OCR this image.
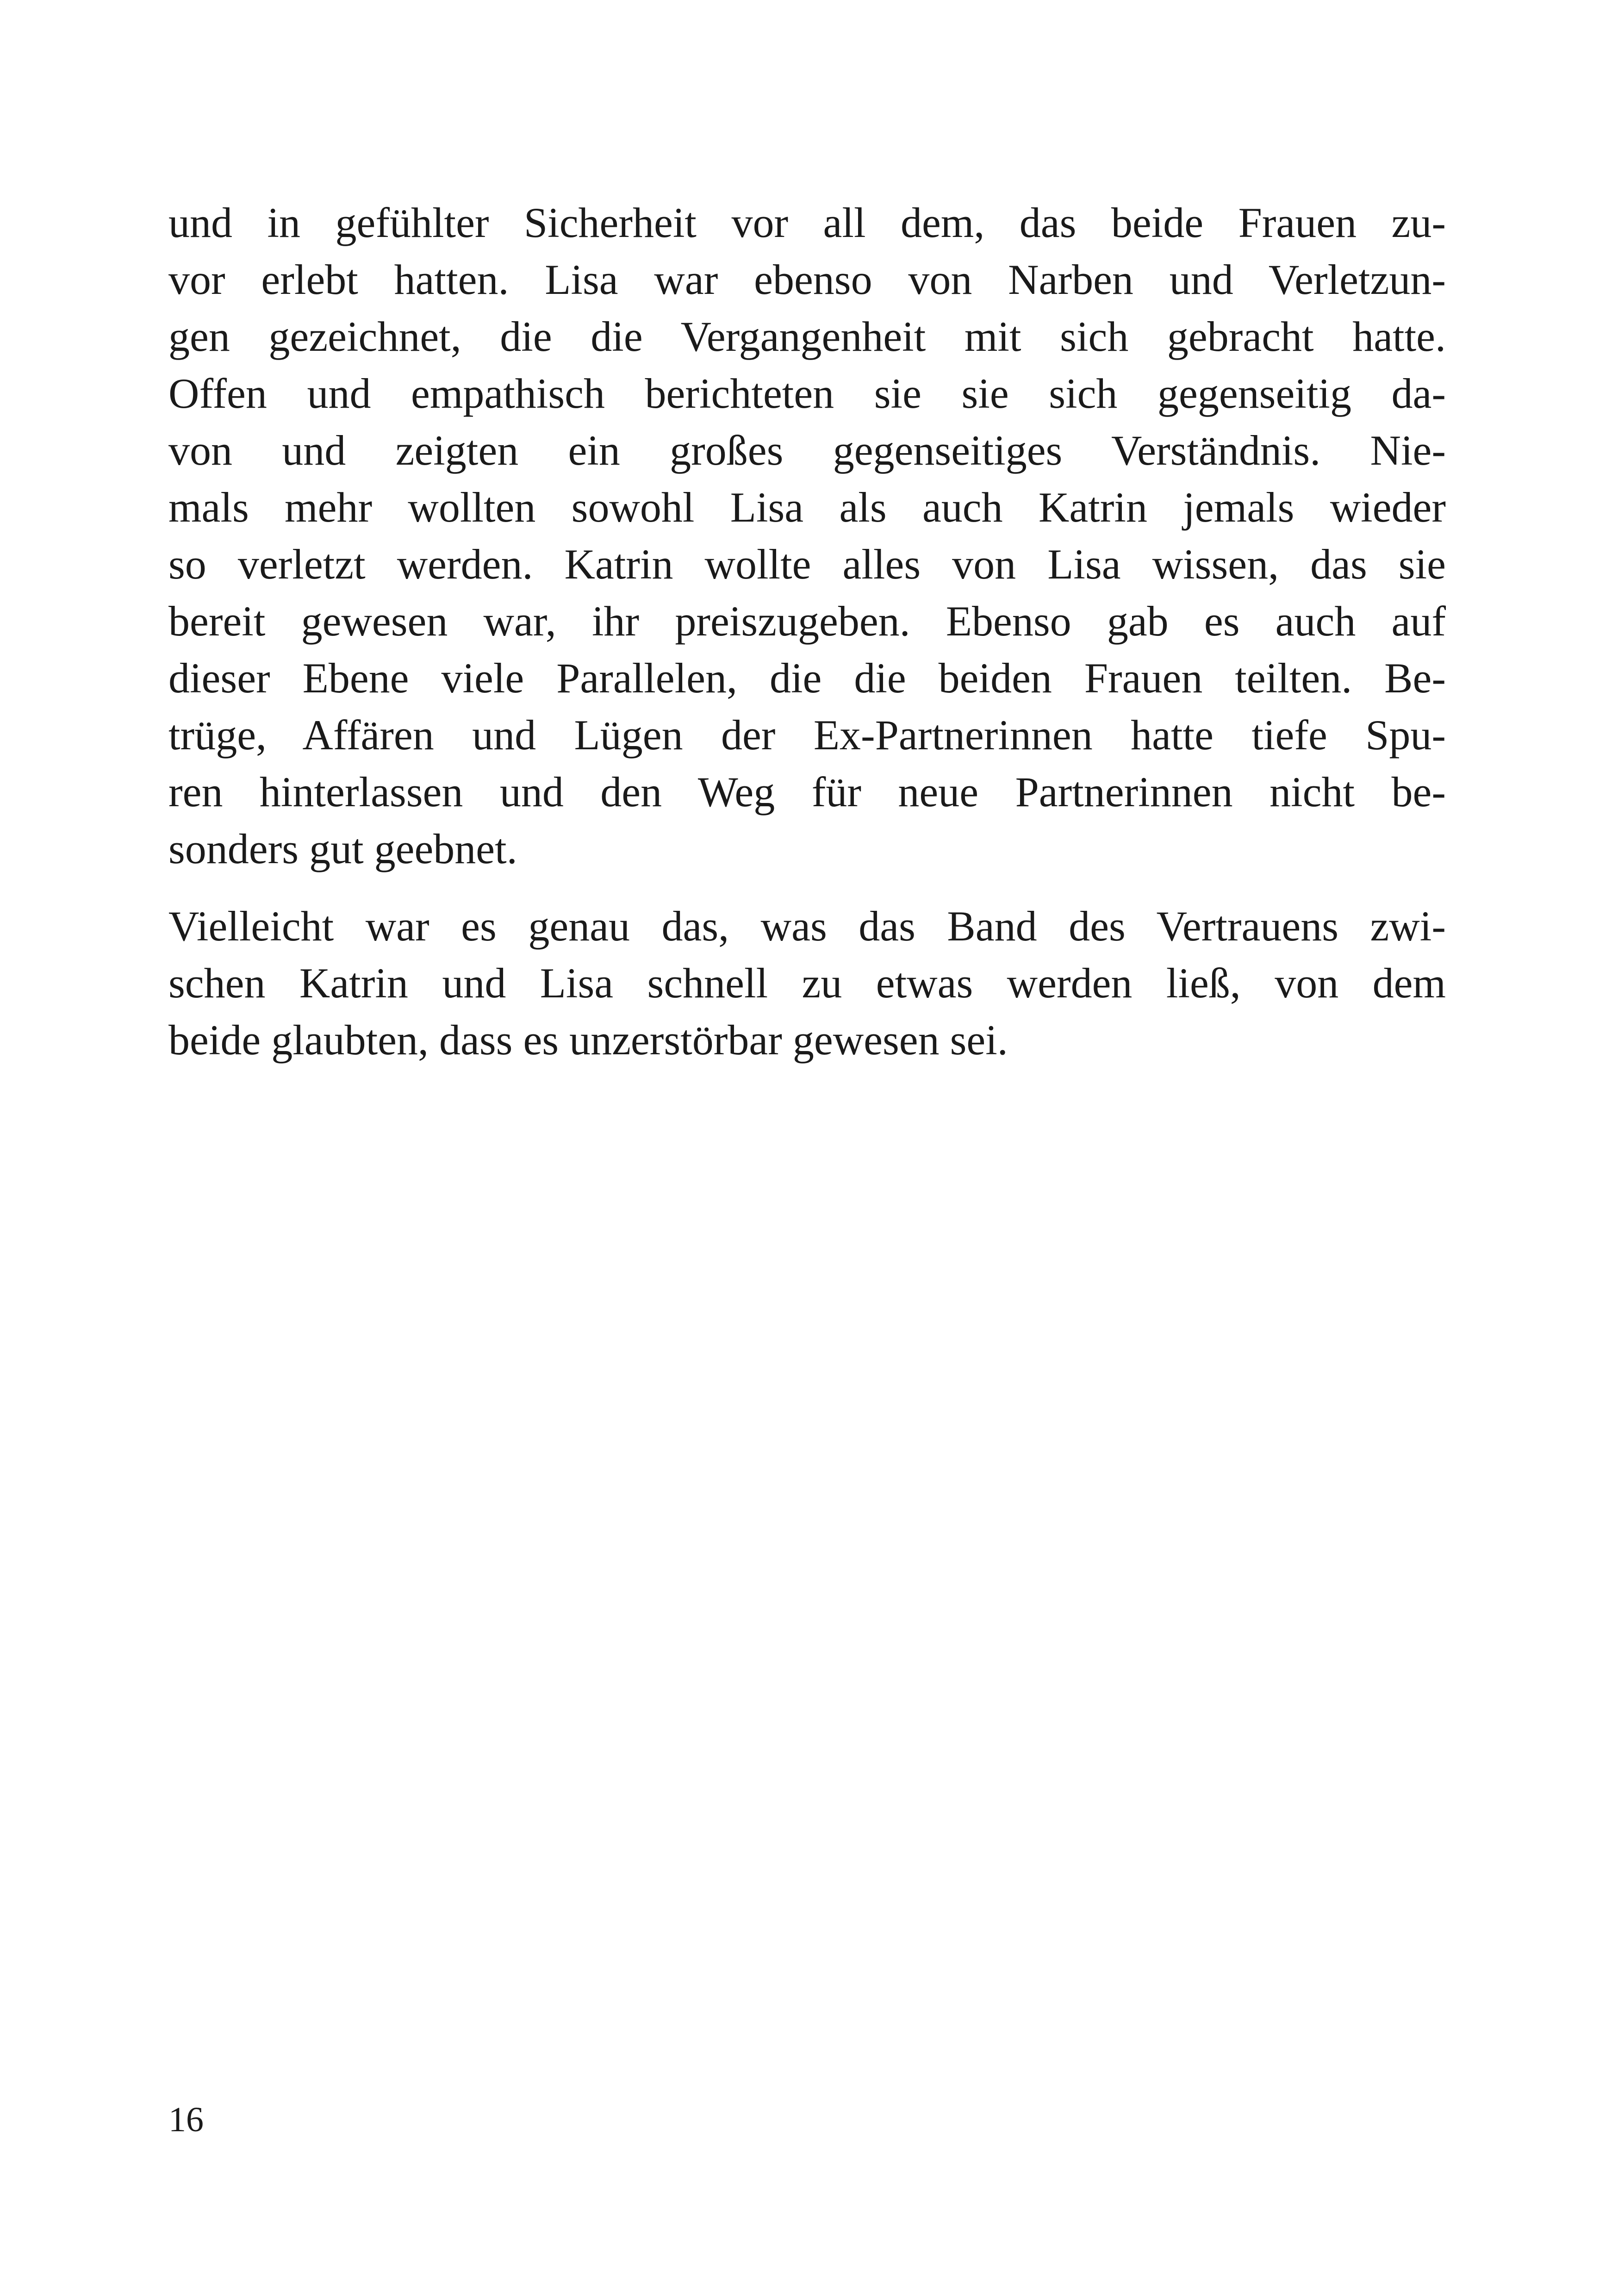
und in gefühlter Sicherheit vor all dem, das beide Frauen zu-
vor erlebt hatten. Lisa war ebenso von Narben und Verletzun-
gen gezeichnet, die die Vergangenheit mit sich gebracht hatte.
Offen und empathisch berichteten sie sie sich gegenseitig da-
von und zeigten ein großes gegenseitiges Verständnis. Nie-
mals mehr wollten sowohl Lisa als auch Katrin jemals wieder
so verletzt werden. Katrin wollte alles von Lisa wissen, das sie
bereit gewesen war, ihr preiszugeben. Ebenso gab es auch auf
dieser Ebene viele Parallelen, die die beiden Frauen teilten. Be-
trüge, Affären und Lügen der Ex-Partnerinnen hatte tiefe Spu-
ren hinterlassen und den Weg für neue Partnerinnen nicht be-
sonders gut geebnet.
Vielleicht war es genau das, was das Band des Vertrauens zwi-
schen Katrin und Lisa schnell zu etwas werden ließ, von dem
beide glaubten, dass es unzerstörbar gewesen sei.
16
